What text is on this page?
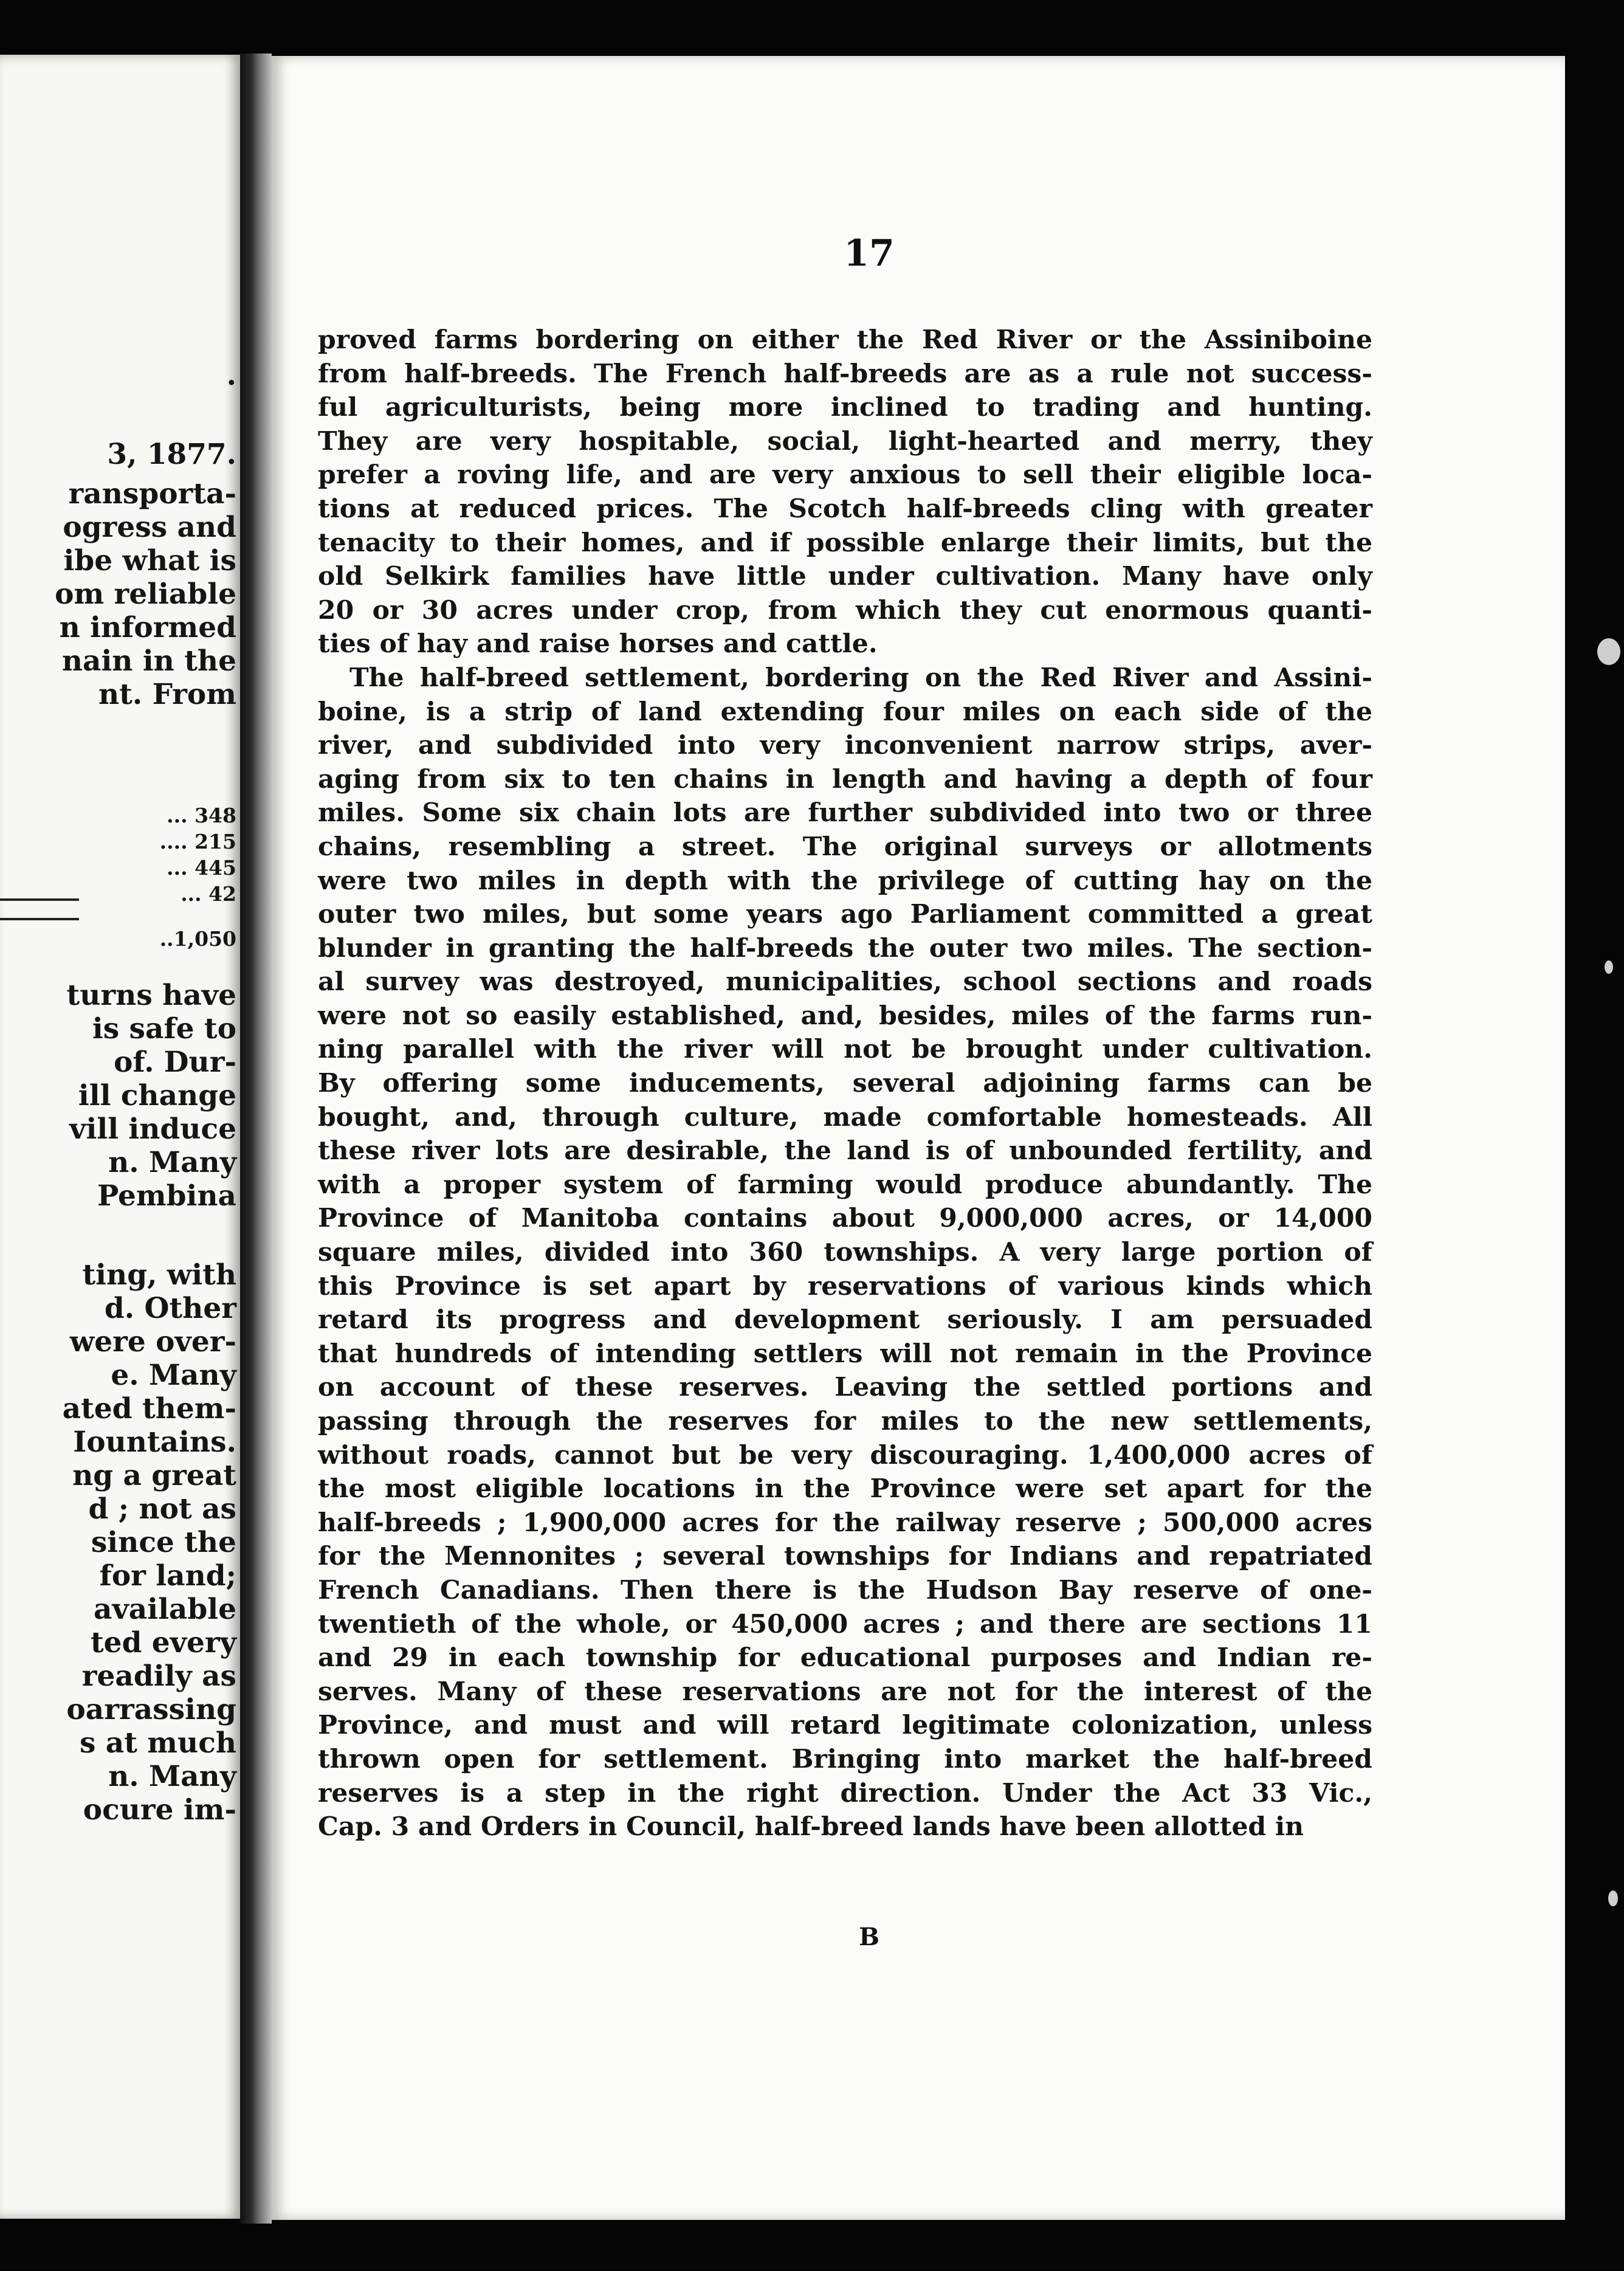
.
3, 1877.
ransporta-
ogress and
ibe what is
om reliable
n informed
nain in the
nt. From
... 348
.... 215
... 445
... 42
..1,050
turns have
is safe to
of. Dur-
ill change
vill induce
n. Many
Pembina
ting, with
d. Other
were over-
e. Many
ated them-
Iountains.
ng a great
d ; not as
since the
for land;
available
ted every
readily as
oarrassing
s at much
n. Many
ocure im-
17
proved farms bordering on either the Red River or the Assiniboine
from half-breeds. The French half-breeds are as a rule not success-
ful agriculturists, being more inclined to trading and hunting.
They are very hospitable, social, light-hearted and merry, they
prefer a roving life, and are very anxious to sell their eligible loca-
tions at reduced prices. The Scotch half-breeds cling with greater
tenacity to their homes, and if possible enlarge their limits, but the
old Selkirk families have little under cultivation. Many have only
20 or 30 acres under crop, from which they cut enormous quanti-
ties of hay and raise horses and cattle.
The half-breed settlement, bordering on the Red River and Assini-
boine, is a strip of land extending four miles on each side of the
river, and subdivided into very inconvenient narrow strips, aver-
aging from six to ten chains in length and having a depth of four
miles. Some six chain lots are further subdivided into two or three
chains, resembling a street. The original surveys or allotments
were two miles in depth with the privilege of cutting hay on the
outer two miles, but some years ago Parliament committed a great
blunder in granting the half-breeds the outer two miles. The section-
al survey was destroyed, municipalities, school sections and roads
were not so easily established, and, besides, miles of the farms run-
ning parallel with the river will not be brought under cultivation.
By offering some inducements, several adjoining farms can be
bought, and, through culture, made comfortable homesteads. All
these river lots are desirable, the land is of unbounded fertility, and
with a proper system of farming would produce abundantly. The
Province of Manitoba contains about 9,000,000 acres, or 14,000
square miles, divided into 360 townships. A very large portion of
this Province is set apart by reservations of various kinds which
retard its progress and development seriously. I am persuaded
that hundreds of intending settlers will not remain in the Province
on account of these reserves. Leaving the settled portions and
passing through the reserves for miles to the new settlements,
without roads, cannot but be very discouraging. 1,400,000 acres of
the most eligible locations in the Province were set apart for the
half-breeds ; 1,900,000 acres for the railway reserve ; 500,000 acres
for the Mennonites ; several townships for Indians and repatriated
French Canadians. Then there is the Hudson Bay reserve of one-
twentieth of the whole, or 450,000 acres ; and there are sections 11
and 29 in each township for educational purposes and Indian re-
serves. Many of these reservations are not for the interest of the
Province, and must and will retard legitimate colonization, unless
thrown open for settlement. Bringing into market the half-breed
reserves is a step in the right direction. Under the Act 33 Vic.,
Cap. 3 and Orders in Council, half-breed lands have been allotted in
B
